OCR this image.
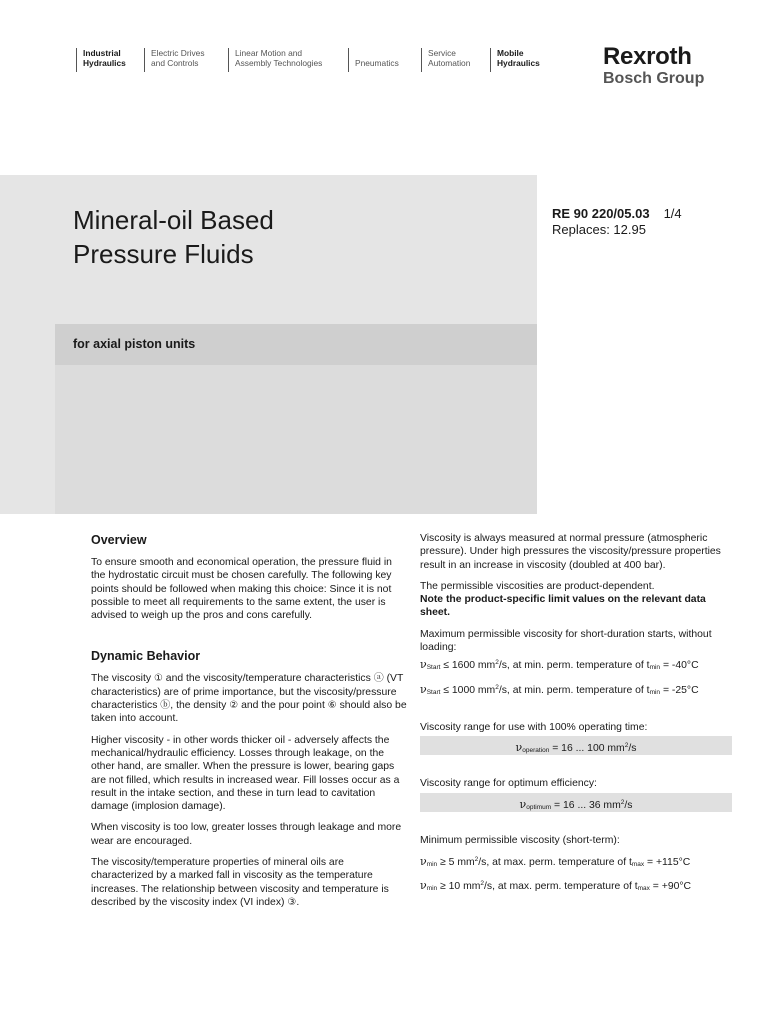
Industrial
Hydraulics
Electric Drives
and Controls
Linear Motion and
Assembly Technologies	Pneumatics
Service
Automation
Mobile
Hydraulics	Rexroth
Bosch Group
Mineral-oil Based
Pressure Fluids
for axial piston units
RE 90 220/05.03 1/4
Replaces: 12.95
Overview

To ensure smooth and economical operation, the pressure fluid in the hydrostatic circuit must be chosen carefully. The following key points should be followed when making this choice: Since it is not possible to meet all requirements to the same extent, the user is advised to weigh up the pros and cons carefully.

Dynamic Behavior

The viscosity ① and the viscosity/temperature characteristics ⓐ (VT characteristics) are of prime importance, but the viscosity/pressure characteristics ⓑ, the density ② and the pour point ⑥ should also be taken into account.

Higher viscosity - in other words thicker oil - adversely affects the mechanical/hydraulic efficiency. Losses through leakage, on the other hand, are smaller. When the pressure is lower, bearing gaps are not filled, which results in increased wear. Fill losses occur as a result in the intake section, and these in turn lead to cavitation damage (implosion damage).

When viscosity is too low, greater losses through leakage and more wear are encouraged.

The viscosity/temperature properties of mineral oils are characterized by a marked fall in viscosity as the temperature increases. The relationship between viscosity and temperature is described by the viscosity index (VI index) ③.

Viscosity is always measured at normal pressure (atmospheric pressure). Under high pressures the viscosity/pressure properties result in an increase in viscosity (doubled at 400 bar).

The permissible viscosities are product-dependent.
Note the product-specific limit values on the relevant data sheet.

Maximum permissible viscosity for short-duration starts, without loading:

νStart ≤ 1600 $mm^2/s$, at min. perm. temperature of tmin = -40°C
νStart ≤ 1000 $mm^2/s$, at min. perm. temperature of tmin = -25°C

Viscosity range for use with 100% operating time:

νoperation = 16 ... 100 $mm^2/s$

Viscosity range for optimum efficiency:

νoptimum = 16 ... 36 $mm^2/s$

Minimum permissible viscosity (short-term):

νmin ≥ 5 $mm^2/s$, at max. perm. temperature of tmax = +115°C
νmin ≥ 10 $mm^2/s$, at max. perm. temperature of tmax = +90°C
